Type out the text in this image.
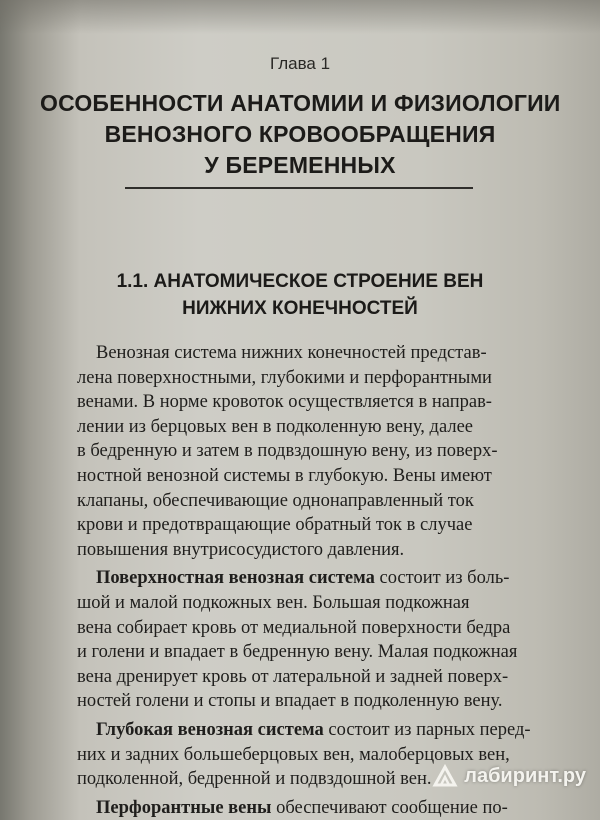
Глава 1
ОСОБЕННОСТИ АНАТОМИИ И ФИЗИОЛОГИИ
ВЕНОЗНОГО КРОВООБРАЩЕНИЯ
У БЕРЕМЕННЫХ
1.1. АНАТОМИЧЕСКОЕ СТРОЕНИЕ ВЕН
НИЖНИХ КОНЕЧНОСТЕЙ
Венозная система нижних конечностей представ-
лена поверхностными, глубокими и перфорантными
венами. В норме кровоток осуществляется в направ-
лении из берцовых вен в подколенную вену, далее
в бедренную и затем в подвздошную вену, из поверх-
ностной венозной системы в глубокую. Вены имеют
клапаны, обеспечивающие однонаправленный ток
крови и предотвращающие обратный ток в случае
повышения внутрисосудистого давления.
Поверхностная венозная система состоит из боль-
шой и малой подкожных вен. Большая подкожная
вена собирает кровь от медиальной поверхности бедра
и голени и впадает в бедренную вену. Малая подкожная
вена дренирует кровь от латеральной и задней поверх-
ностей голени и стопы и впадает в подколенную вену.
Глубокая венозная система состоит из парных перед-
них и задних большеберцовых вен, малоберцовых вен,
подколенной, бедренной и подвздошной вен.
Перфорантные вены обеспечивают сообщение по-
лабиринт.ру
